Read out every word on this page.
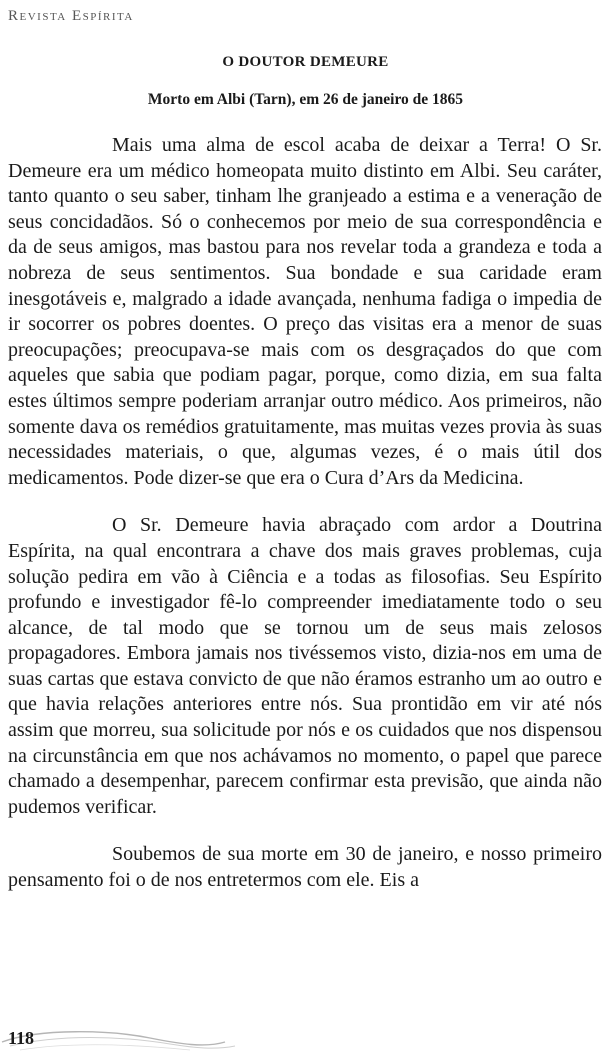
Revista Espírita
O DOUTOR DEMEURE
Morto em Albi (Tarn), em 26 de janeiro de 1865

Mais uma alma de escol acaba de deixar a Terra! O Sr. Demeure era um médico homeopata muito distinto em Albi. Seu caráter, tanto quanto o seu saber, tinham lhe granjeado a estima e a veneração de seus concidadãos. Só o conhecemos por meio de sua correspondência e da de seus amigos, mas bastou para nos revelar toda a grandeza e toda a nobreza de seus sentimentos. Sua bondade e sua caridade eram inesgotáveis e, malgrado a idade avançada, nenhuma fadiga o impedia de ir socorrer os pobres doentes. O preço das visitas era a menor de suas preocupações; preocupava-se mais com os desgraçados do que com aqueles que sabia que podiam pagar, porque, como dizia, em sua falta estes últimos sempre poderiam arranjar outro médico. Aos primeiros, não somente dava os remédios gratuitamente, mas muitas vezes provia às suas necessidades materiais, o que, algumas vezes, é o mais útil dos medicamentos. Pode dizer-se que era o Cura d’Ars da Medicina.

O Sr. Demeure havia abraçado com ardor a Doutrina Espírita, na qual encontrara a chave dos mais graves problemas, cuja solução pedira em vão à Ciência e a todas as filosofias. Seu Espírito profundo e investigador fê-lo compreender imediatamente todo o seu alcance, de tal modo que se tornou um de seus mais zelosos propagadores. Embora jamais nos tivéssemos visto, dizia-nos em uma de suas cartas que estava convicto de que não éramos estranho um ao outro e que havia relações anteriores entre nós. Sua prontidão em vir até nós assim que morreu, sua solicitude por nós e os cuidados que nos dispensou na circunstância em que nos achávamos no momento, o papel que parece chamado a desempenhar, parecem confirmar esta previsão, que ainda não pudemos verificar.

Soubemos de sua morte em 30 de janeiro, e nosso primeiro pensamento foi o de nos entretermos com ele. Eis a

118
